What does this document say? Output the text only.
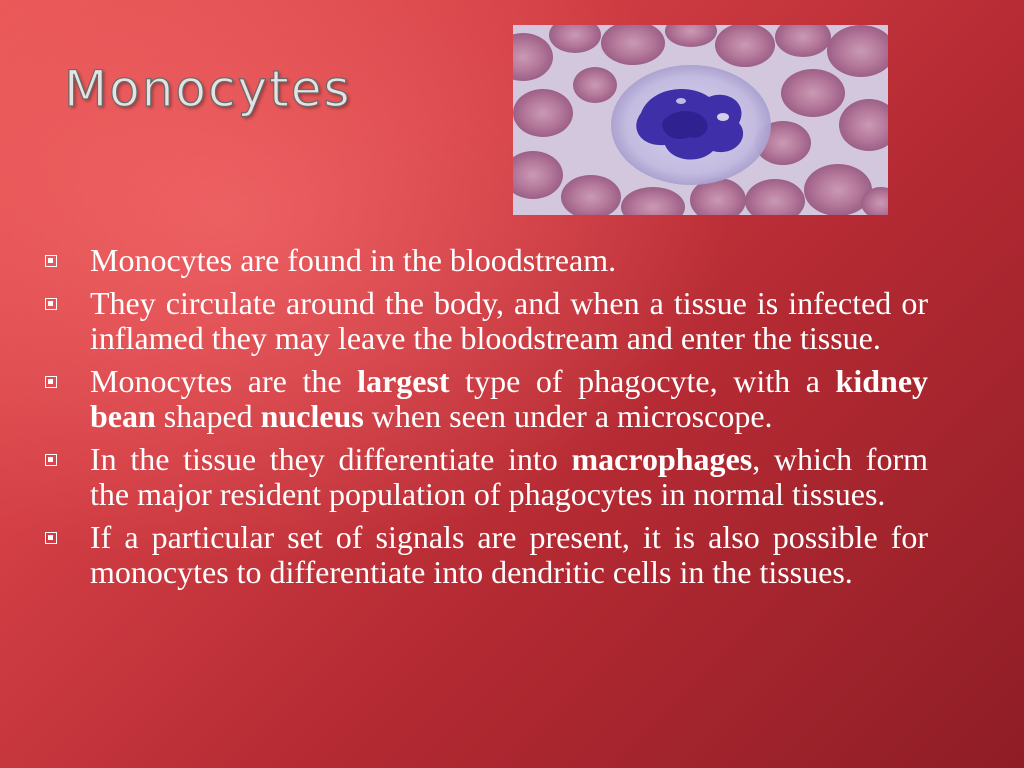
Monocytes
Monocytes are found in the bloodstream.
They circulate around the body, and when a tissue is infected or inflamed they may leave the bloodstream and enter the tissue.
Monocytes are the largest type of phagocyte, with a kidney bean shaped nucleus when seen under a microscope.
In the tissue they differentiate into macrophages, which form the major resident population of phagocytes in normal tissues.
If a particular set of signals are present, it is also possible for monocytes to differentiate into dendritic cells in the tissues.
